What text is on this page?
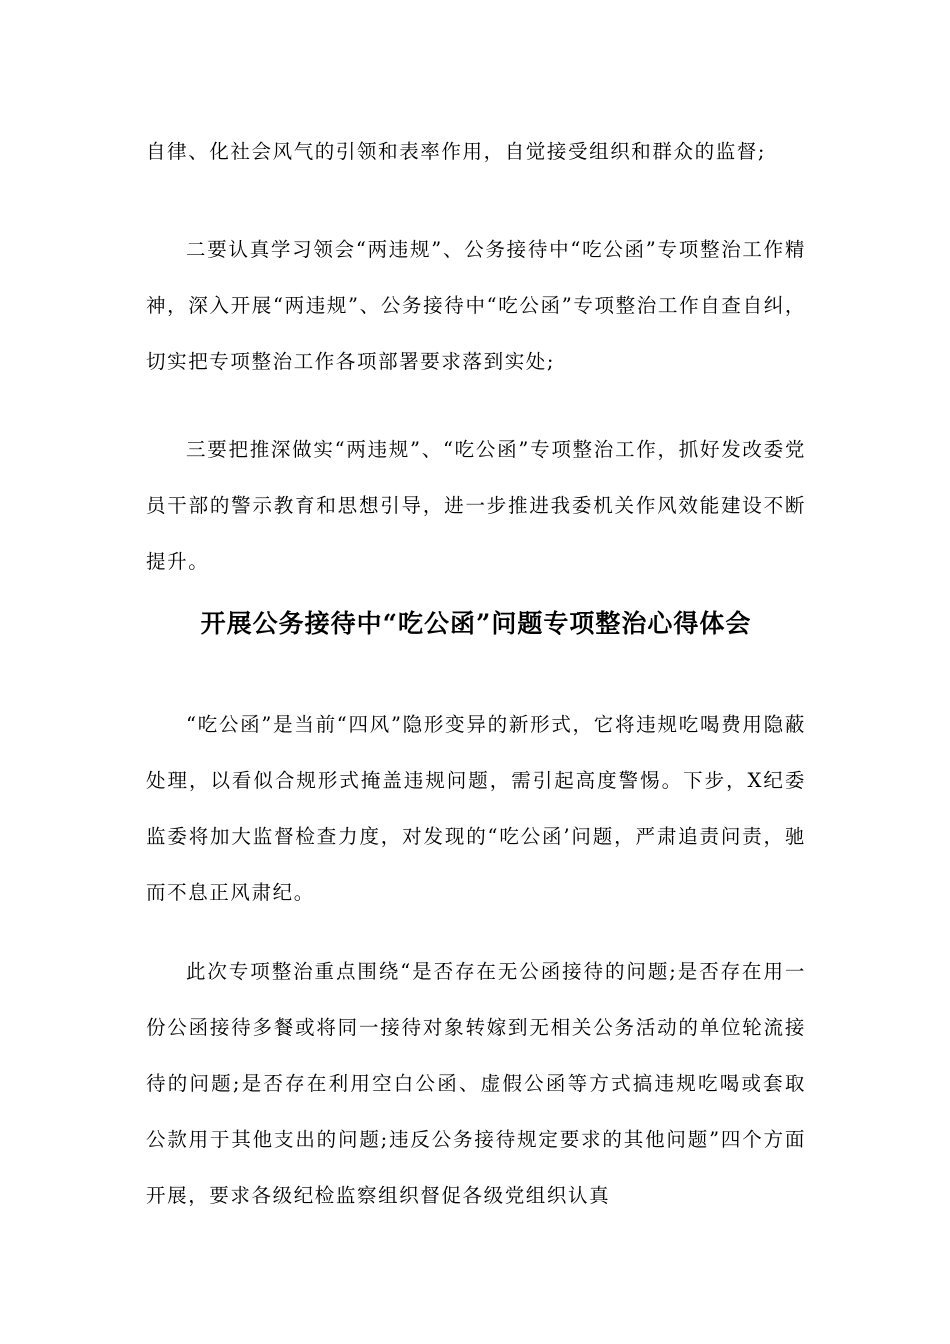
自律、化社会风气的引领和表率作用，自觉接受组织和群众的监督;

二要认真学习领会“两违规”、公务接待中“吃公函”专项整治工作精神，深入开展“两违规”、公务接待中“吃公函”专项整治工作自查自纠，切实把专项整治工作各项部署要求落到实处;

三要把推深做实“两违规”、“吃公函”专项整治工作，抓好发改委党员干部的警示教育和思想引导，进一步推进我委机关作风效能建设不断提升。

开展公务接待中“吃公函”问题专项整治心得体会

“吃公函”是当前“四风”隐形变异的新形式，它将违规吃喝费用隐蔽处理，以看似合规形式掩盖违规问题，需引起高度警惕。下步，X纪委监委将加大监督检查力度，对发现的“吃公函’问题，严肃追责问责，驰而不息正风肃纪。

此次专项整治重点围绕“是否存在无公函接待的问题;是否存在用一份公函接待多餐或将同一接待对象转嫁到无相关公务活动的单位轮流接待的问题;是否存在利用空白公函、虚假公函等方式搞违规吃喝或套取公款用于其他支出的问题;违反公务接待规定要求的其他问题”四个方面开展，要求各级纪检监察组织督促各级党组织认真
